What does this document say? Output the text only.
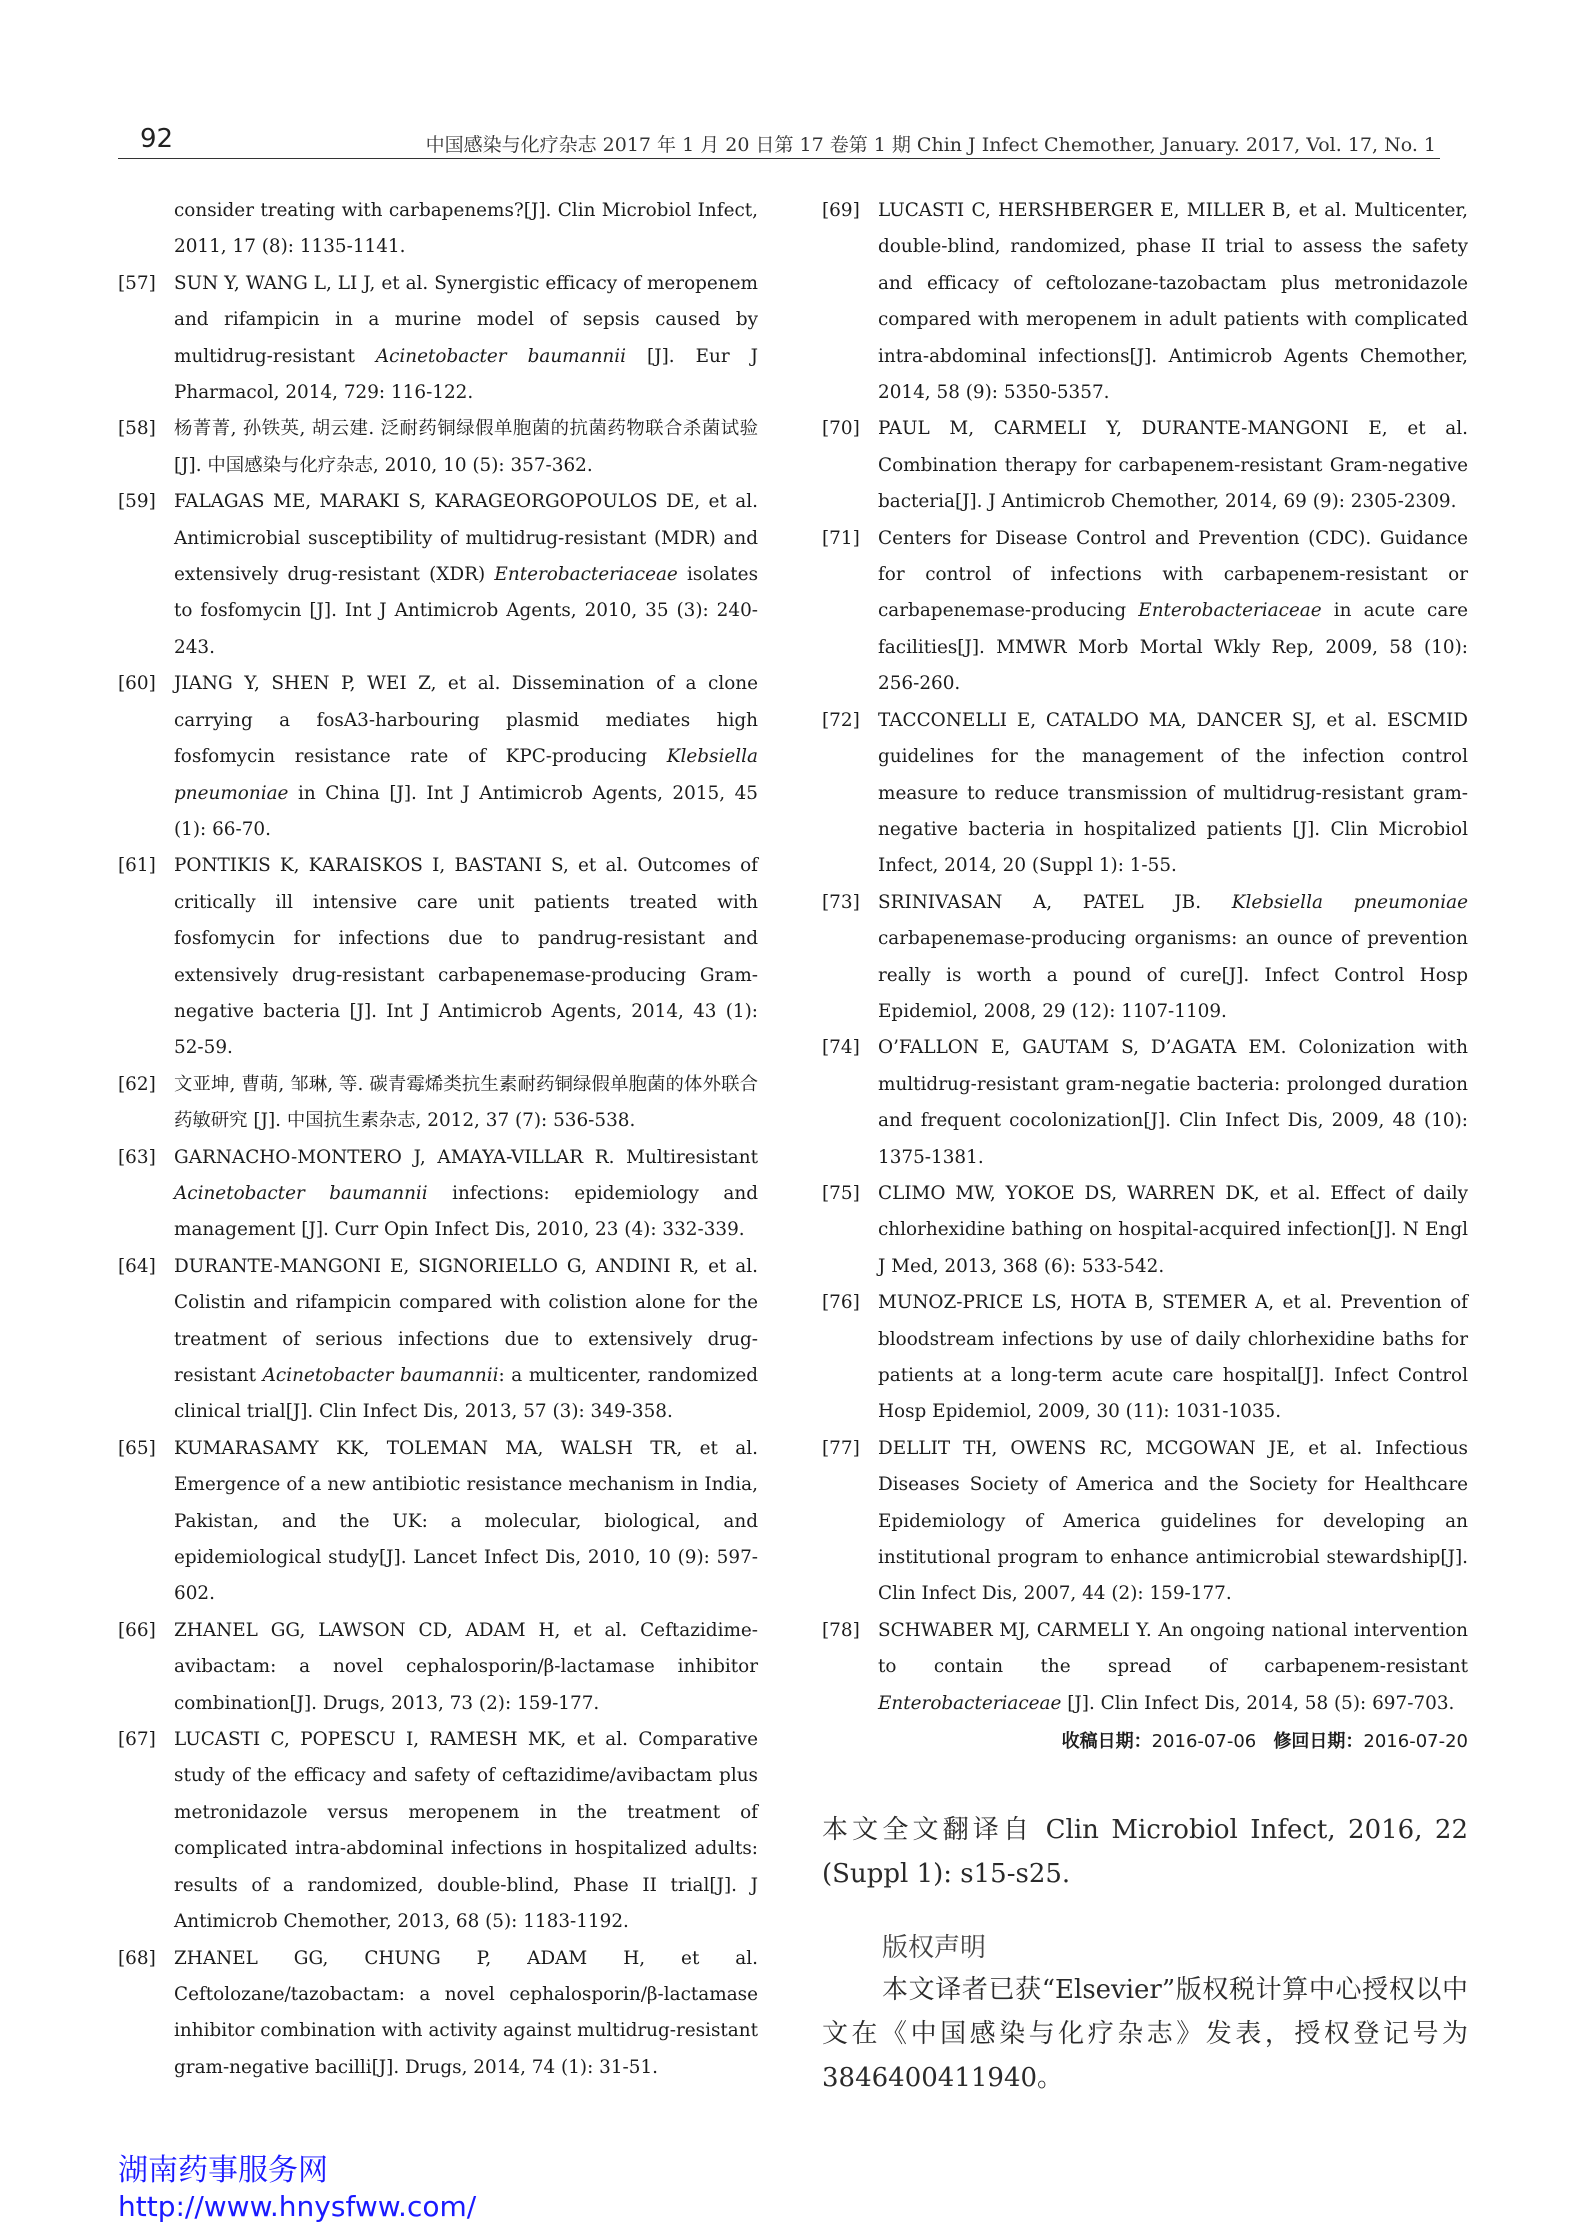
92	中国感染与化疗杂志 2017 年 1 月 20 日第 17 卷第 1 期 Chin J Infect Chemother, January. 2017, Vol. 17, No. 1
consider treating with carbapenems?[J]. Clin Microbiol Infect, 2011, 17 (8): 1135-1141.
[57] SUN Y, WANG L, LI J, et al. Synergistic efficacy of meropenem and rifampicin in a murine model of sepsis caused by multidrug-resistant Acinetobacter baumannii [J]. Eur J Pharmacol, 2014, 729: 116-122.
[58] 杨菁菁, 孙铁英, 胡云建. 泛耐药铜绿假单胞菌的抗菌药物联合杀菌试验 [J]. 中国感染与化疗杂志, 2010, 10 (5): 357-362.
[59] FALAGAS ME, MARAKI S, KARAGEORGOPOULOS DE, et al. Antimicrobial susceptibility of multidrug-resistant (MDR) and extensively drug-resistant (XDR) Enterobacteriaceae isolates to fosfomycin [J]. Int J Antimicrob Agents, 2010, 35 (3): 240-243.
[60] JIANG Y, SHEN P, WEI Z, et al. Dissemination of a clone carrying a fosA3-harbouring plasmid mediates high fosfomycin resistance rate of KPC-producing Klebsiella pneumoniae in China [J]. Int J Antimicrob Agents, 2015, 45 (1): 66-70.
[61] PONTIKIS K, KARAISKOS I, BASTANI S, et al. Outcomes of critically ill intensive care unit patients treated with fosfomycin for infections due to pandrug-resistant and extensively drug-resistant carbapenemase-producing Gram-negative bacteria [J]. Int J Antimicrob Agents, 2014, 43 (1): 52-59.
[62] 文亚坤, 曹萌, 邹琳, 等. 碳青霉烯类抗生素耐药铜绿假单胞菌的体外联合药敏研究 [J]. 中国抗生素杂志, 2012, 37 (7): 536-538.
[63] GARNACHO-MONTERO J, AMAYA-VILLAR R. Multiresistant Acinetobacter baumannii infections: epidemiology and management [J]. Curr Opin Infect Dis, 2010, 23 (4): 332-339.
[64] DURANTE-MANGONI E, SIGNORIELLO G, ANDINI R, et al. Colistin and rifampicin compared with colistion alone for the treatment of serious infections due to extensively drug-resistant Acinetobacter baumannii: a multicenter, randomized clinical trial[J]. Clin Infect Dis, 2013, 57 (3): 349-358.
[65] KUMARASAMY KK, TOLEMAN MA, WALSH TR, et al. Emergence of a new antibiotic resistance mechanism in India, Pakistan, and the UK: a molecular, biological, and epidemiological study[J]. Lancet Infect Dis, 2010, 10 (9): 597-602.
[66] ZHANEL GG, LAWSON CD, ADAM H, et al. Ceftazidime-avibactam: a novel cephalosporin/β-lactamase inhibitor combination[J]. Drugs, 2013, 73 (2): 159-177.
[67] LUCASTI C, POPESCU I, RAMESH MK, et al. Comparative study of the efficacy and safety of ceftazidime/avibactam plus metronidazole versus meropenem in the treatment of complicated intra-abdominal infections in hospitalized adults: results of a randomized, double-blind, Phase II trial[J]. J Antimicrob Chemother, 2013, 68 (5): 1183-1192.
[68] ZHANEL GG, CHUNG P, ADAM H, et al. Ceftolozane/tazobactam: a novel cephalosporin/β-lactamase inhibitor combination with activity against multidrug-resistant gram-negative bacilli[J]. Drugs, 2014, 74 (1): 31-51.
[69] LUCASTI C, HERSHBERGER E, MILLER B, et al. Multicenter, double-blind, randomized, phase II trial to assess the safety and efficacy of ceftolozane-tazobactam plus metronidazole compared with meropenem in adult patients with complicated intra-abdominal infections[J]. Antimicrob Agents Chemother, 2014, 58 (9): 5350-5357.
[70] PAUL M, CARMELI Y, DURANTE-MANGONI E, et al. Combination therapy for carbapenem-resistant Gram-negative bacteria[J]. J Antimicrob Chemother, 2014, 69 (9): 2305-2309.
[71] Centers for Disease Control and Prevention (CDC). Guidance for control of infections with carbapenem-resistant or carbapenemase-producing Enterobacteriaceae in acute care facilities[J]. MMWR Morb Mortal Wkly Rep, 2009, 58 (10): 256-260.
[72] TACCONELLI E, CATALDO MA, DANCER SJ, et al. ESCMID guidelines for the management of the infection control measure to reduce transmission of multidrug-resistant gram-negative bacteria in hospitalized patients [J]. Clin Microbiol Infect, 2014, 20 (Suppl 1): 1-55.
[73] SRINIVASAN A, PATEL JB. Klebsiella pneumoniae carbapenemase-producing organisms: an ounce of prevention really is worth a pound of cure[J]. Infect Control Hosp Epidemiol, 2008, 29 (12): 1107-1109.
[74] O’FALLON E, GAUTAM S, D’AGATA EM. Colonization with multidrug-resistant gram-negatie bacteria: prolonged duration and frequent cocolonization[J]. Clin Infect Dis, 2009, 48 (10): 1375-1381.
[75] CLIMO MW, YOKOE DS, WARREN DK, et al. Effect of daily chlorhexidine bathing on hospital-acquired infection[J]. N Engl J Med, 2013, 368 (6): 533-542.
[76] MUNOZ-PRICE LS, HOTA B, STEMER A, et al. Prevention of bloodstream infections by use of daily chlorhexidine baths for patients at a long-term acute care hospital[J]. Infect Control Hosp Epidemiol, 2009, 30 (11): 1031-1035.
[77] DELLIT TH, OWENS RC, MCGOWAN JE, et al. Infectious Diseases Society of America and the Society for Healthcare Epidemiology of America guidelines for developing an institutional program to enhance antimicrobial stewardship[J]. Clin Infect Dis, 2007, 44 (2): 159-177.
[78] SCHWABER MJ, CARMELI Y. An ongoing national intervention to contain the spread of carbapenem-resistant Enterobacteriaceae [J]. Clin Infect Dis, 2014, 58 (5): 697-703.
收稿日期：2016-07-06 修回日期：2016-07-20
本文全文翻译自 Clin Microbiol Infect, 2016, 22 (Suppl 1): s15-s25.
版权声明
本文译者已获“Elsevier”版权税计算中心授权以中文在《中国感染与化疗杂志》发表，授权登记号为 3846400411940。
湖南药事服务网
http://www.hnysfww.com/
